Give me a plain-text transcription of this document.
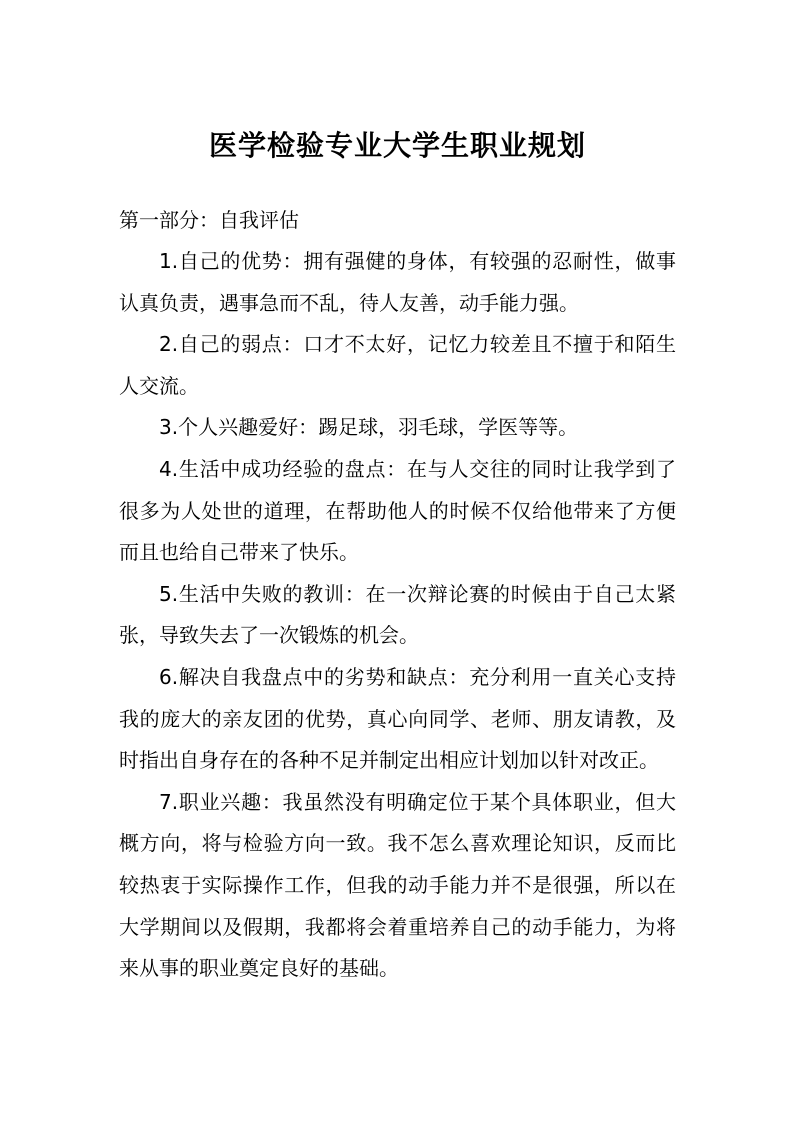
医学检验专业大学生职业规划
第一部分：自我评估

1.自己的优势：拥有强健的身体，有较强的忍耐性，做事认真负责，遇事急而不乱，待人友善，动手能力强。

2.自己的弱点：口才不太好，记忆力较差且不擅于和陌生人交流。

3.个人兴趣爱好：踢足球，羽毛球，学医等等。

4.生活中成功经验的盘点：在与人交往的同时让我学到了很多为人处世的道理，在帮助他人的时候不仅给他带来了方便而且也给自己带来了快乐。

5.生活中失败的教训：在一次辩论赛的时候由于自己太紧张，导致失去了一次锻炼的机会。

6.解决自我盘点中的劣势和缺点：充分利用一直关心支持我的庞大的亲友团的优势，真心向同学、老师、朋友请教，及时指出自身存在的各种不足并制定出相应计划加以针对改正。

7.职业兴趣：我虽然没有明确定位于某个具体职业，但大概方向，将与检验方向一致。我不怎么喜欢理论知识，反而比较热衷于实际操作工作，但我的动手能力并不是很强，所以在大学期间以及假期，我都将会着重培养自己的动手能力，为将来从事的职业奠定良好的基础。
